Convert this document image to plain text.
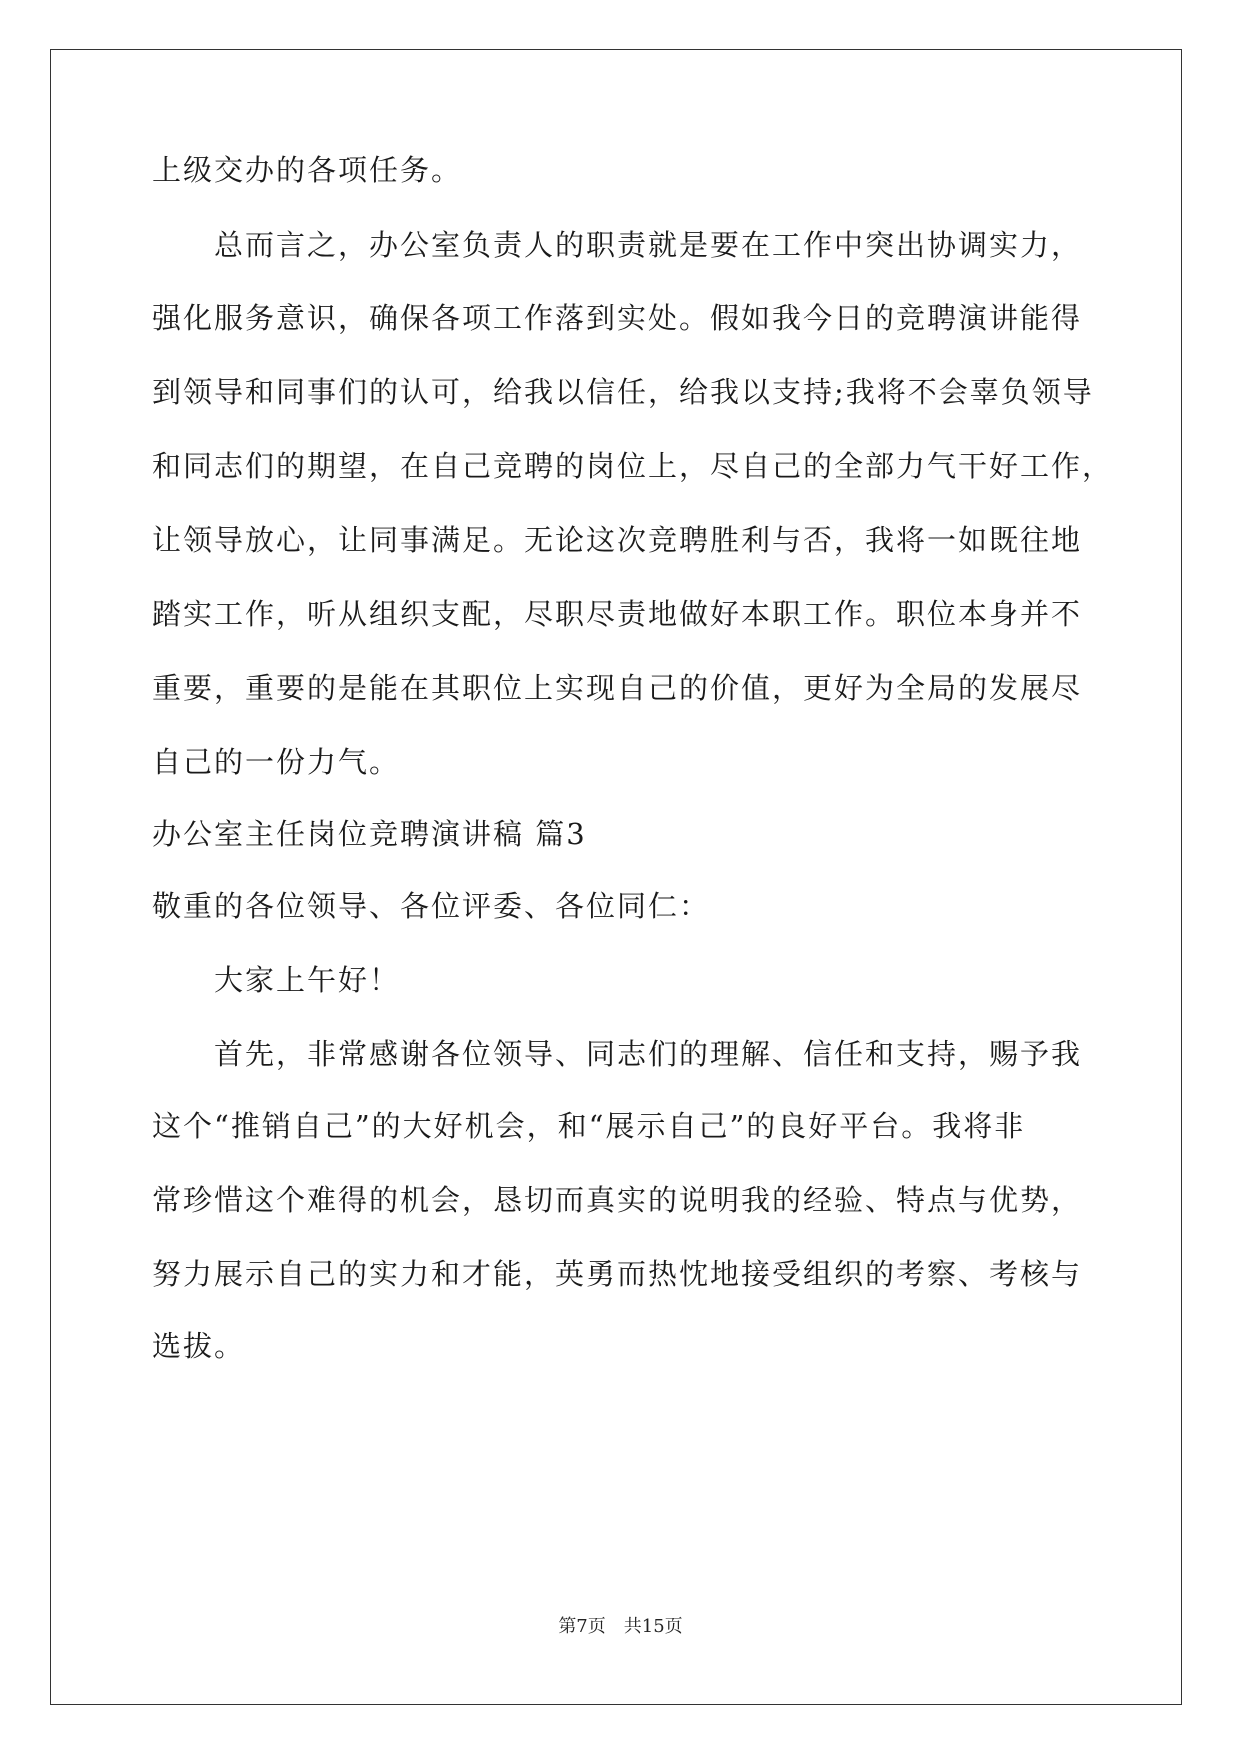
上级交办的各项任务。
　　总而言之，办公室负责人的职责就是要在工作中突出协调实力，
强化服务意识，确保各项工作落到实处。假如我今日的竞聘演讲能得
到领导和同事们的认可，给我以信任，给我以支持;我将不会辜负领导
和同志们的期望，在自己竞聘的岗位上，尽自己的全部力气干好工作，
让领导放心，让同事满足。无论这次竞聘胜利与否，我将一如既往地
踏实工作，听从组织支配，尽职尽责地做好本职工作。职位本身并不
重要，重要的是能在其职位上实现自己的价值，更好为全局的发展尽
自己的一份力气。
办公室主任岗位竞聘演讲稿 篇3
敬重的各位领导、各位评委、各位同仁：
　　大家上午好！
　　首先，非常感谢各位领导、同志们的理解、信任和支持，赐予我
这个“推销自己”的大好机会，和“展示自己”的良好平台。我将非
常珍惜这个难得的机会，恳切而真实的说明我的经验、特点与优势，
努力展示自己的实力和才能，英勇而热忱地接受组织的考察、考核与
选拔。
第7页　共15页
